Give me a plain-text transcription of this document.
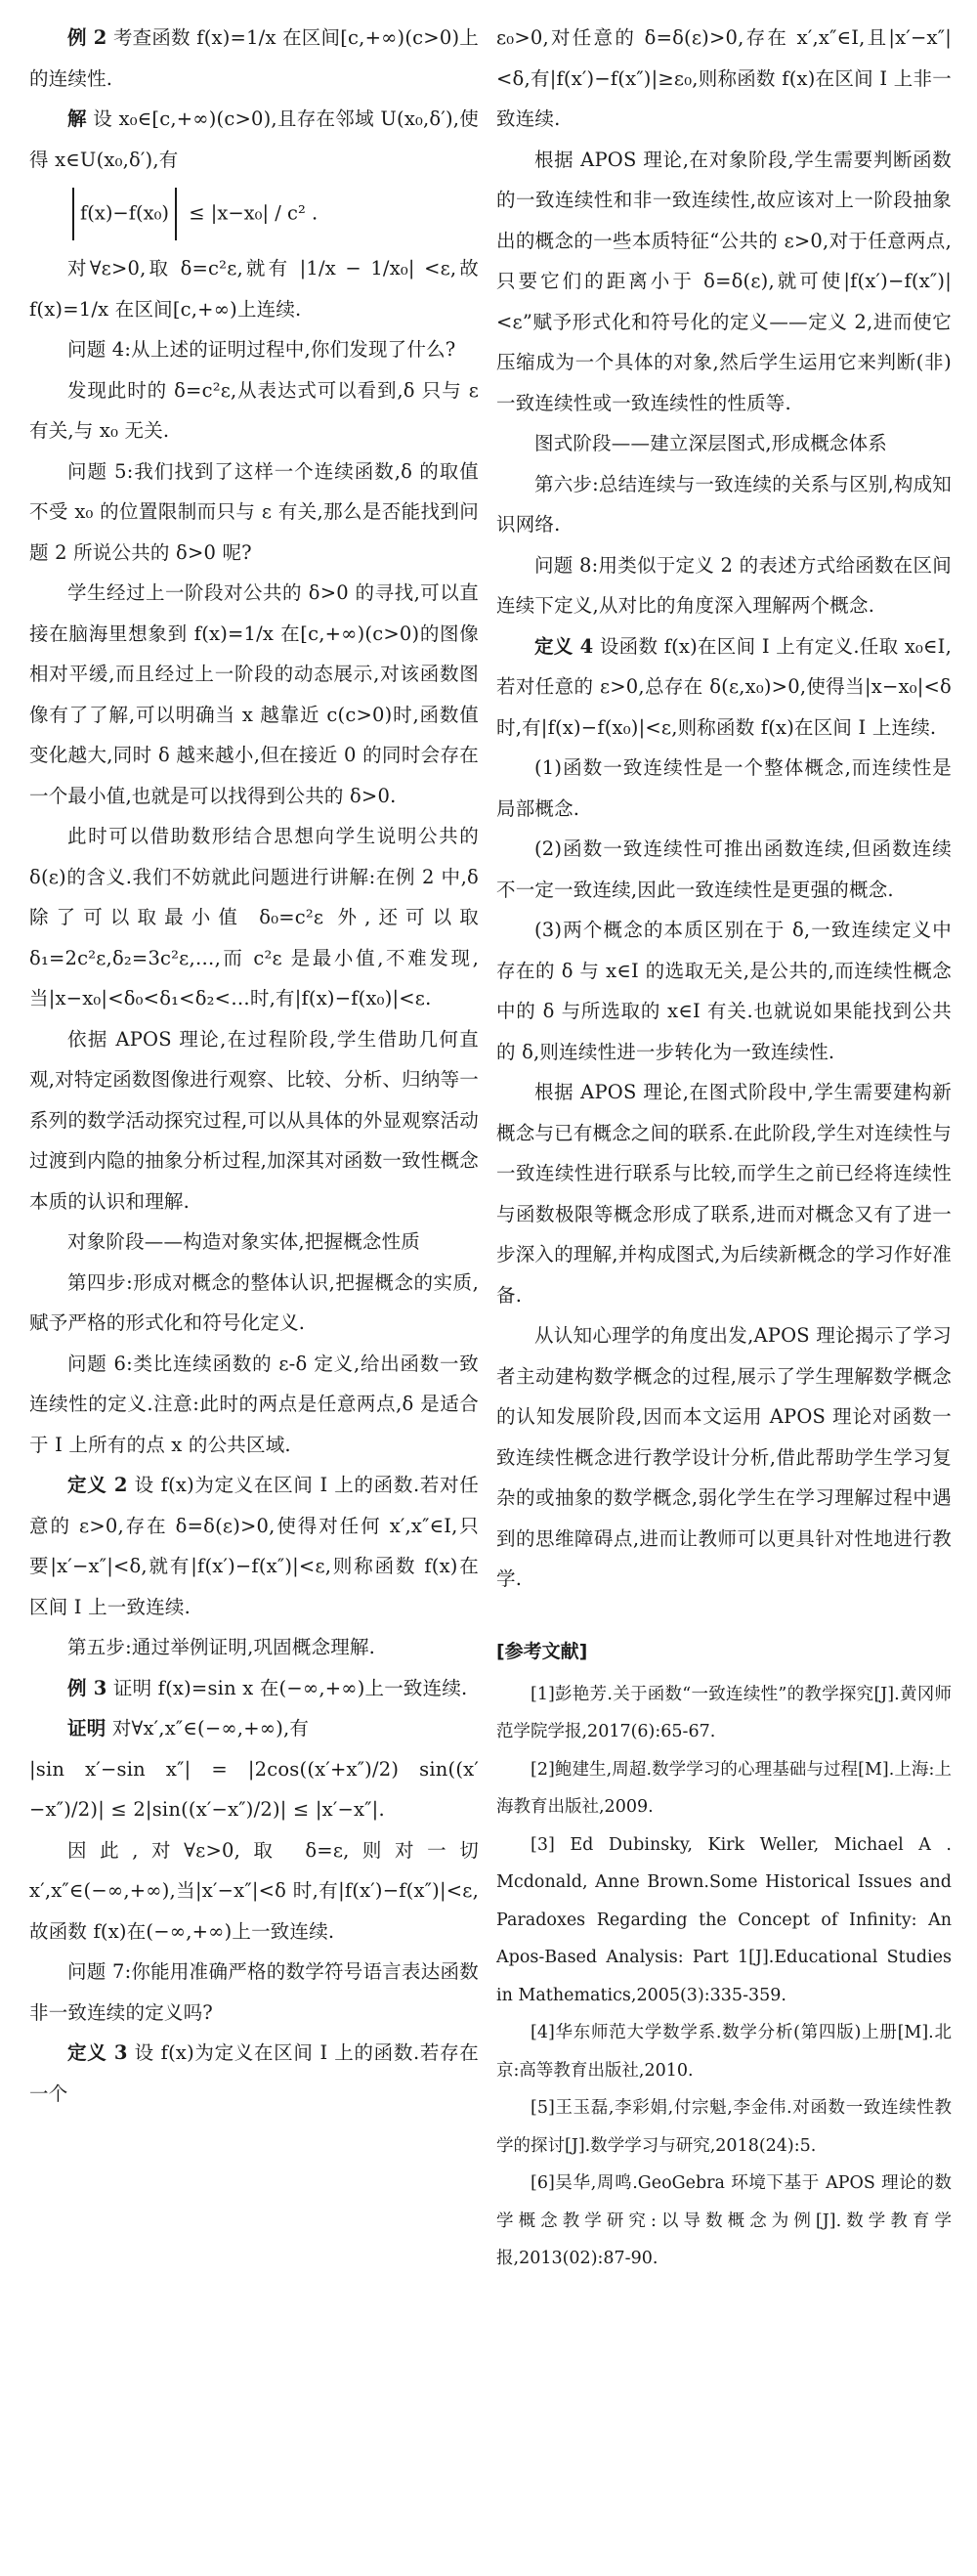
例 2 考查函数 f(x)=1/x 在区间[c,+∞)(c>0)上的连续性.

解 设 x₀∈[c,+∞)(c>0),且存在邻域 U(x₀,δ′),使得 x∈U(x₀,δ′),有

f(x)−f(x₀) ≤ |x−x₀| / c² .

对∀ε>0,取 δ=c²ε,就有 |1/x − 1/x₀| <ε,故 f(x)=1/x 在区间[c,+∞)上连续.

问题 4:从上述的证明过程中,你们发现了什么?

发现此时的 δ=c²ε,从表达式可以看到,δ 只与 ε 有关,与 x₀ 无关.

问题 5:我们找到了这样一个连续函数,δ 的取值不受 x₀ 的位置限制而只与 ε 有关,那么是否能找到问题 2 所说公共的 δ>0 呢?

学生经过上一阶段对公共的 δ>0 的寻找,可以直接在脑海里想象到 f(x)=1/x 在[c,+∞)(c>0)的图像相对平缓,而且经过上一阶段的动态展示,对该函数图像有了了解,可以明确当 x 越靠近 c(c>0)时,函数值变化越大,同时 δ 越来越小,但在接近 0 的同时会存在一个最小值,也就是可以找得到公共的 δ>0.

此时可以借助数形结合思想向学生说明公共的 δ(ε)的含义.我们不妨就此问题进行讲解:在例 2 中,δ 除了可以取最小值 δ₀=c²ε 外,还可以取 δ₁=2c²ε,δ₂=3c²ε,…,而 c²ε 是最小值,不难发现,当|x−x₀|<δ₀<δ₁<δ₂<…时,有|f(x)−f(x₀)|<ε.

依据 APOS 理论,在过程阶段,学生借助几何直观,对特定函数图像进行观察、比较、分析、归纳等一系列的数学活动探究过程,可以从具体的外显观察活动过渡到内隐的抽象分析过程,加深其对函数一致性概念本质的认识和理解.

对象阶段——构造对象实体,把握概念性质

第四步:形成对概念的整体认识,把握概念的实质,赋予严格的形式化和符号化定义.

问题 6:类比连续函数的 ε-δ 定义,给出函数一致连续性的定义.注意:此时的两点是任意两点,δ 是适合于 I 上所有的点 x 的公共区域.

定义 2 设 f(x)为定义在区间 I 上的函数.若对任意的 ε>0,存在 δ=δ(ε)>0,使得对任何 x′,x″∈I,只要|x′−x″|<δ,就有|f(x′)−f(x″)|<ε,则称函数 f(x)在区间 I 上一致连续.

第五步:通过举例证明,巩固概念理解.

例 3 证明 f(x)=sin x 在(−∞,+∞)上一致连续.

证明 对∀x′,x″∈(−∞,+∞),有

|sin x′−sin x″| = |2cos((x′+x″)/2) sin((x′−x″)/2)| ≤ 2|sin((x′−x″)/2)| ≤ |x′−x″|.

因此,对∀ε>0,取 δ=ε,则对一切 x′,x″∈(−∞,+∞),当|x′−x″|<δ 时,有|f(x′)−f(x″)|<ε,故函数 f(x)在(−∞,+∞)上一致连续.

问题 7:你能用准确严格的数学符号语言表达函数非一致连续的定义吗?

定义 3 设 f(x)为定义在区间 I 上的函数.若存在一个

ε₀>0,对任意的 δ=δ(ε)>0,存在 x′,x″∈I,且|x′−x″|<δ,有|f(x′)−f(x″)|≥ε₀,则称函数 f(x)在区间 I 上非一致连续.

根据 APOS 理论,在对象阶段,学生需要判断函数的一致连续性和非一致连续性,故应该对上一阶段抽象出的概念的一些本质特征“公共的 ε>0,对于任意两点,只要它们的距离小于 δ=δ(ε),就可使|f(x′)−f(x″)|<ε”赋予形式化和符号化的定义——定义 2,进而使它压缩成为一个具体的对象,然后学生运用它来判断(非)一致连续性或一致连续性的性质等.

图式阶段——建立深层图式,形成概念体系

第六步:总结连续与一致连续的关系与区别,构成知识网络.

问题 8:用类似于定义 2 的表述方式给函数在区间连续下定义,从对比的角度深入理解两个概念.

定义 4 设函数 f(x)在区间 I 上有定义.任取 x₀∈I,若对任意的 ε>0,总存在 δ(ε,x₀)>0,使得当|x−x₀|<δ 时,有|f(x)−f(x₀)|<ε,则称函数 f(x)在区间 I 上连续.

(1)函数一致连续性是一个整体概念,而连续性是局部概念.

(2)函数一致连续性可推出函数连续,但函数连续不一定一致连续,因此一致连续性是更强的概念.

(3)两个概念的本质区别在于 δ,一致连续定义中存在的 δ 与 x∈I 的选取无关,是公共的,而连续性概念中的 δ 与所选取的 x∈I 有关.也就说如果能找到公共的 δ,则连续性进一步转化为一致连续性.

根据 APOS 理论,在图式阶段中,学生需要建构新概念与已有概念之间的联系.在此阶段,学生对连续性与一致连续性进行联系与比较,而学生之前已经将连续性与函数极限等概念形成了联系,进而对概念又有了进一步深入的理解,并构成图式,为后续新概念的学习作好准备.

从认知心理学的角度出发,APOS 理论揭示了学习者主动建构数学概念的过程,展示了学生理解数学概念的认知发展阶段,因而本文运用 APOS 理论对函数一致连续性概念进行教学设计分析,借此帮助学生学习复杂的或抽象的数学概念,弱化学生在学习理解过程中遇到的思维障碍点,进而让教师可以更具针对性地进行教学.

[参考文献]

[1]彭艳芳.关于函数“一致连续性”的教学探究[J].黄冈师范学院学报,2017(6):65-67.

[2]鲍建生,周超.数学学习的心理基础与过程[M].上海:上海教育出版社,2009.

[3] Ed Dubinsky, Kirk Weller, Michael A . Mcdonald, Anne Brown.Some Historical Issues and Paradoxes Regarding the Concept of Infinity: An Apos-Based Analysis: Part 1[J].Educational Studies in Mathematics,2005(3):335-359.

[4]华东师范大学数学系.数学分析(第四版)上册[M].北京:高等教育出版社,2010.

[5]王玉磊,李彩娟,付宗魁,李金伟.对函数一致连续性教学的探讨[J].数学学习与研究,2018(24):5.

[6]吴华,周鸣.GeoGebra 环境下基于 APOS 理论的数学概念教学研究:以导数概念为例[J].数学教育学报,2013(02):87-90.
